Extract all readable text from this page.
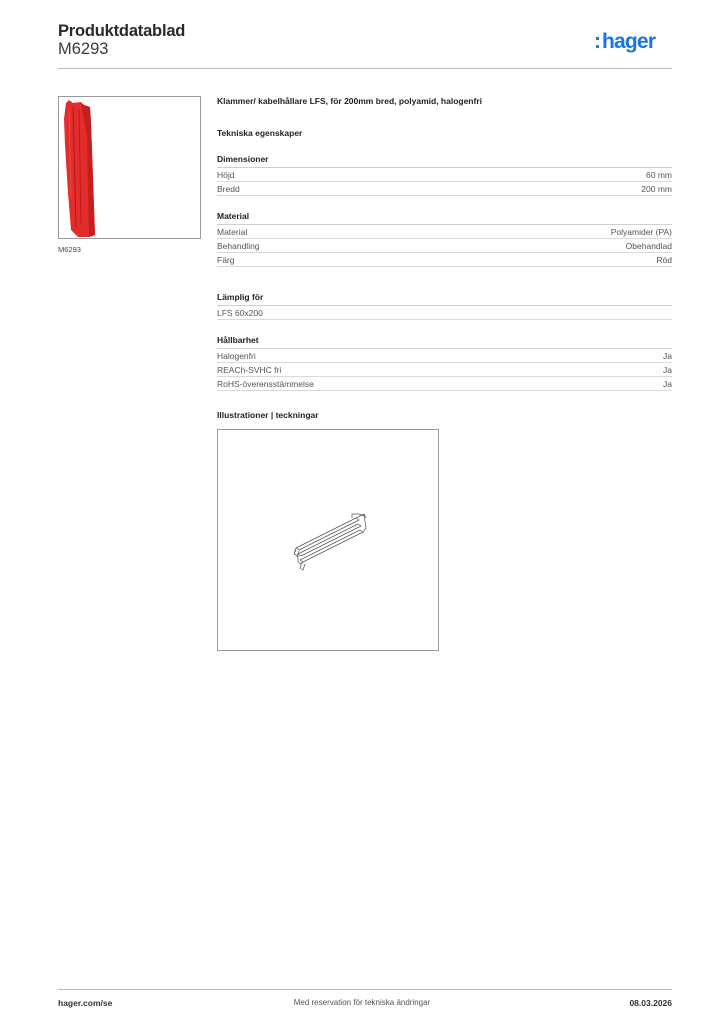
Produktdatablad
M6293	:hager
M6293
Klammer/ kabelhållare LFS, för 200mm bred, polyamid, halogenfri
Tekniska egenskaper
Dimensioner
Höjd	60 mm
Bredd	200 mm
Material
Material	Polyamider (PA)
Behandling	Obehandlad
Färg	Röd
Lämplig för
LFS 60x200
Hållbarhet
Halogenfri	Ja
REACh-SVHC fri	Ja
RoHS-överensstämmelse	Ja
Illustrationer | teckningar
hager.com/se	Med reservation för tekniska ändringar	08.03.2026
